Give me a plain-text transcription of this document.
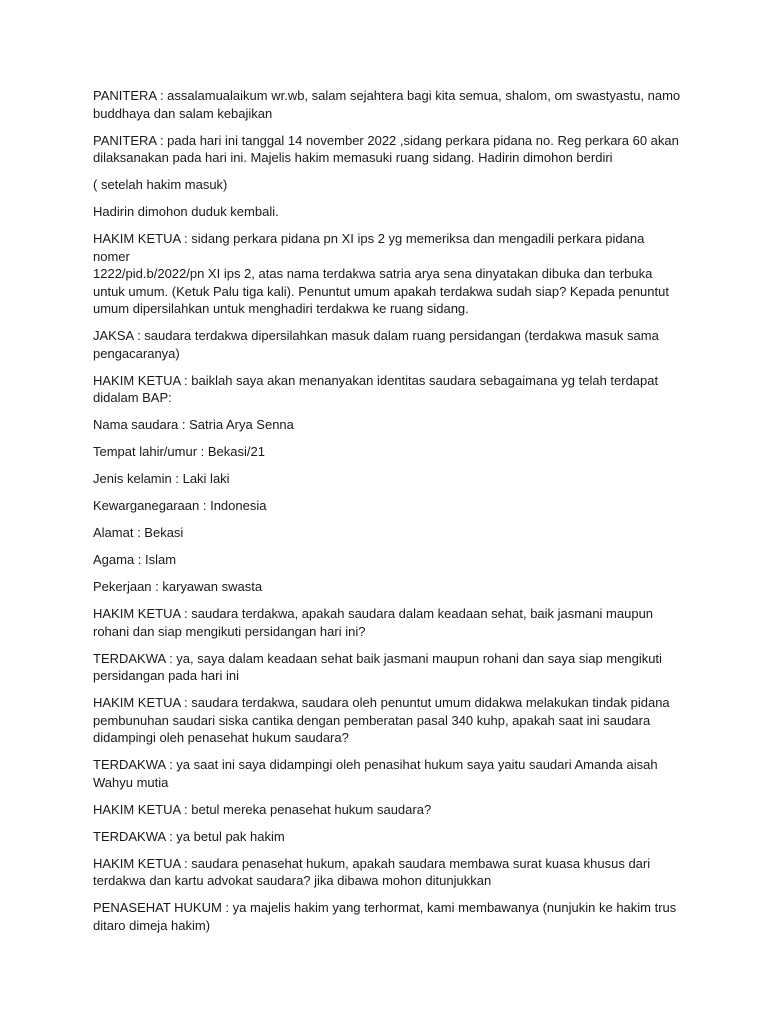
PANITERA : assalamualaikum wr.wb, salam sejahtera bagi kita semua, shalom, om swastyastu, namo
buddhaya dan salam kebajikan

PANITERA : pada hari ini tanggal 14 november 2022 ,sidang perkara pidana no. Reg perkara 60 akan
dilaksanakan pada hari ini. Majelis hakim memasuki ruang sidang. Hadirin dimohon berdiri

( setelah hakim masuk)

Hadirin dimohon duduk kembali.

HAKIM KETUA : sidang perkara pidana pn XI ips 2 yg memeriksa dan mengadili perkara pidana nomer
1222/pid.b/2022/pn XI ips 2, atas nama terdakwa satria arya sena dinyatakan dibuka dan terbuka
untuk umum. (Ketuk Palu tiga kali). Penuntut umum apakah terdakwa sudah siap? Kepada penuntut
umum dipersilahkan untuk menghadiri terdakwa ke ruang sidang.

JAKSA : saudara terdakwa dipersilahkan masuk dalam ruang persidangan (terdakwa masuk sama
pengacaranya)

HAKIM KETUA : baiklah saya akan menanyakan identitas saudara sebagaimana yg telah terdapat
didalam BAP:

Nama saudara : Satria Arya Senna

Tempat lahir/umur : Bekasi/21

Jenis kelamin : Laki laki

Kewarganegaraan : Indonesia

Alamat : Bekasi

Agama : Islam

Pekerjaan : karyawan swasta

HAKIM KETUA : saudara terdakwa, apakah saudara dalam keadaan sehat, baik jasmani maupun
rohani dan siap mengikuti persidangan hari ini?

TERDAKWA : ya, saya dalam keadaan sehat baik jasmani maupun rohani dan saya siap mengikuti
persidangan pada hari ini

HAKIM KETUA : saudara terdakwa, saudara oleh penuntut umum didakwa melakukan tindak pidana
pembunuhan saudari siska cantika dengan pemberatan pasal 340 kuhp, apakah saat ini saudara
didampingi oleh penasehat hukum saudara?

TERDAKWA : ya saat ini saya didampingi oleh penasihat hukum saya yaitu saudari Amanda aisah
Wahyu mutia

HAKIM KETUA : betul mereka penasehat hukum saudara?

TERDAKWA : ya betul pak hakim

HAKIM KETUA : saudara penasehat hukum, apakah saudara membawa surat kuasa khusus dari
terdakwa dan kartu advokat saudara? jika dibawa mohon ditunjukkan

PENASEHAT HUKUM : ya majelis hakim yang terhormat, kami membawanya (nunjukin ke hakim trus
ditaro dimeja hakim)
